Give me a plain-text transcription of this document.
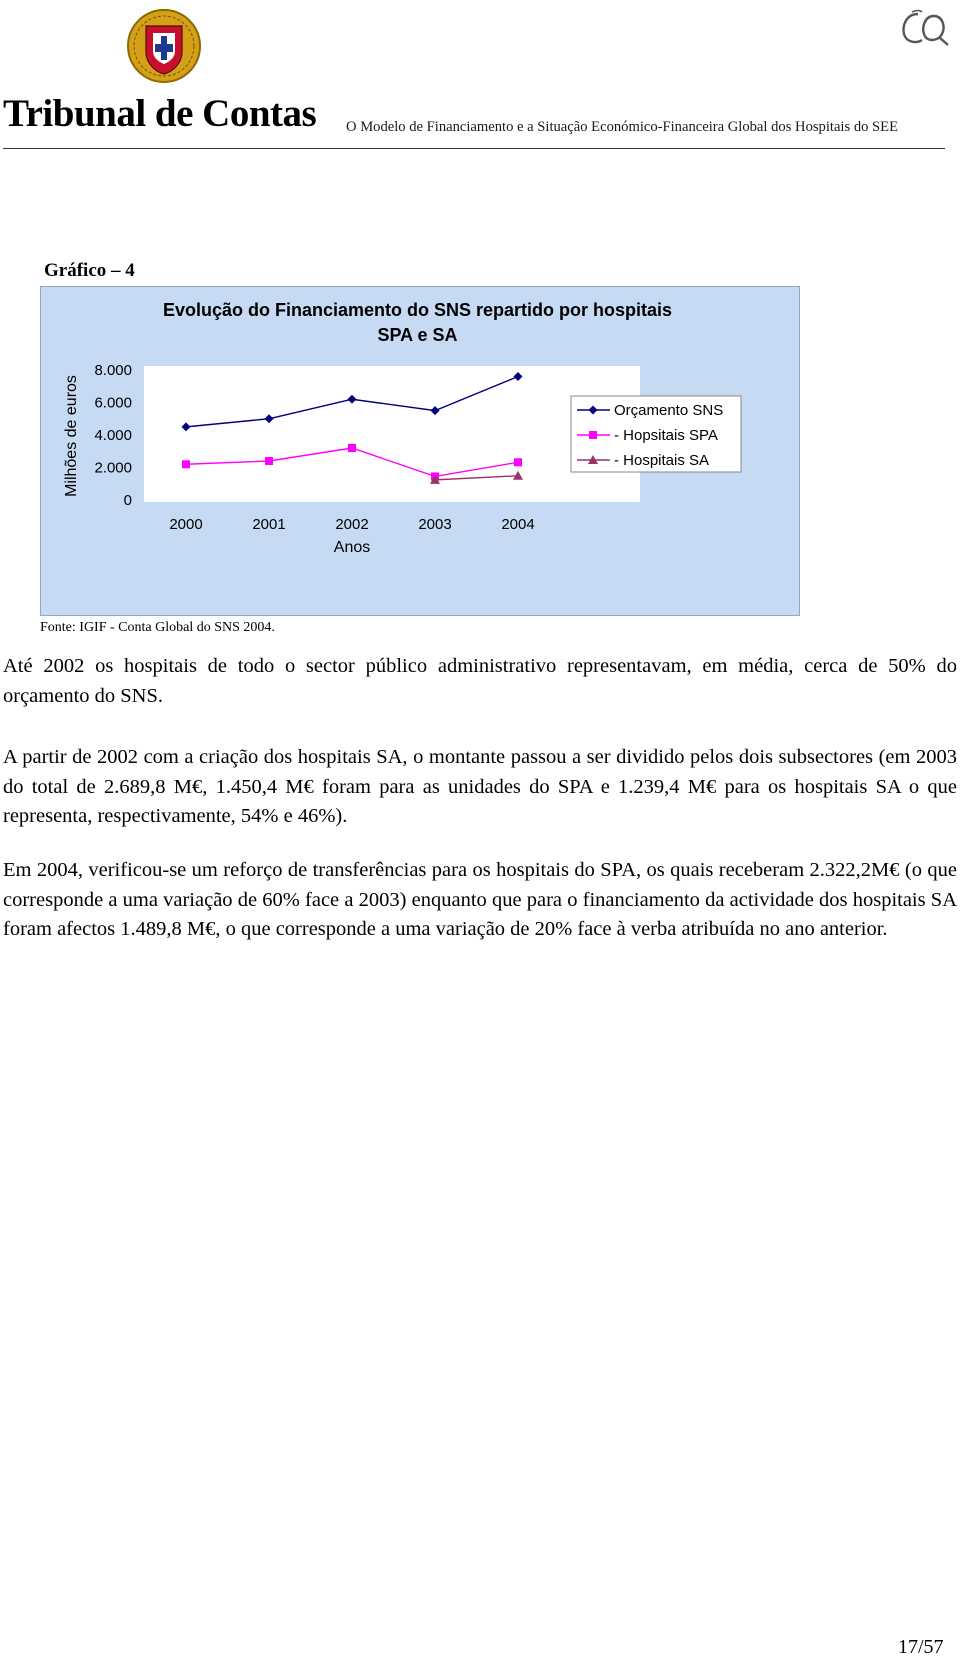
Tribunal de Contas O Modelo de Financiamento e a Situação Económico-Financeira Global dos Hospitais do SEE
Gráfico – 4
Milhões de euros
Anos
0
2.000
4.000
6.000
8.000
2000	2001	2002	2003	2004
Orçamento SNS
- Hopsitais SPA
- Hospitais SA
Evolução do Financiamento do SNS repartido por hospitais
SPA e SA
Fonte: IGIF - Conta Global do SNS 2004.
Até 2002 os hospitais de todo o sector público administrativo representavam, em média, cerca de 50% do orçamento do SNS.
A partir de 2002 com a criação dos hospitais SA, o montante passou a ser dividido pelos dois subsectores (em 2003 do total de 2.689,8 M€, 1.450,4 M€ foram para as unidades do SPA e 1.239,4 M€ para os hospitais SA o que representa, respectivamente, 54% e 46%).
Em 2004, verificou-se um reforço de transferências para os hospitais do SPA, os quais receberam 2.322,2M€ (o que corresponde a uma variação de 60% face a 2003) enquanto que para o financiamento da actividade dos hospitais SA foram afectos 1.489,8 M€, o que corresponde a uma variação de 20% face à verba atribuída no ano anterior.
17/57
